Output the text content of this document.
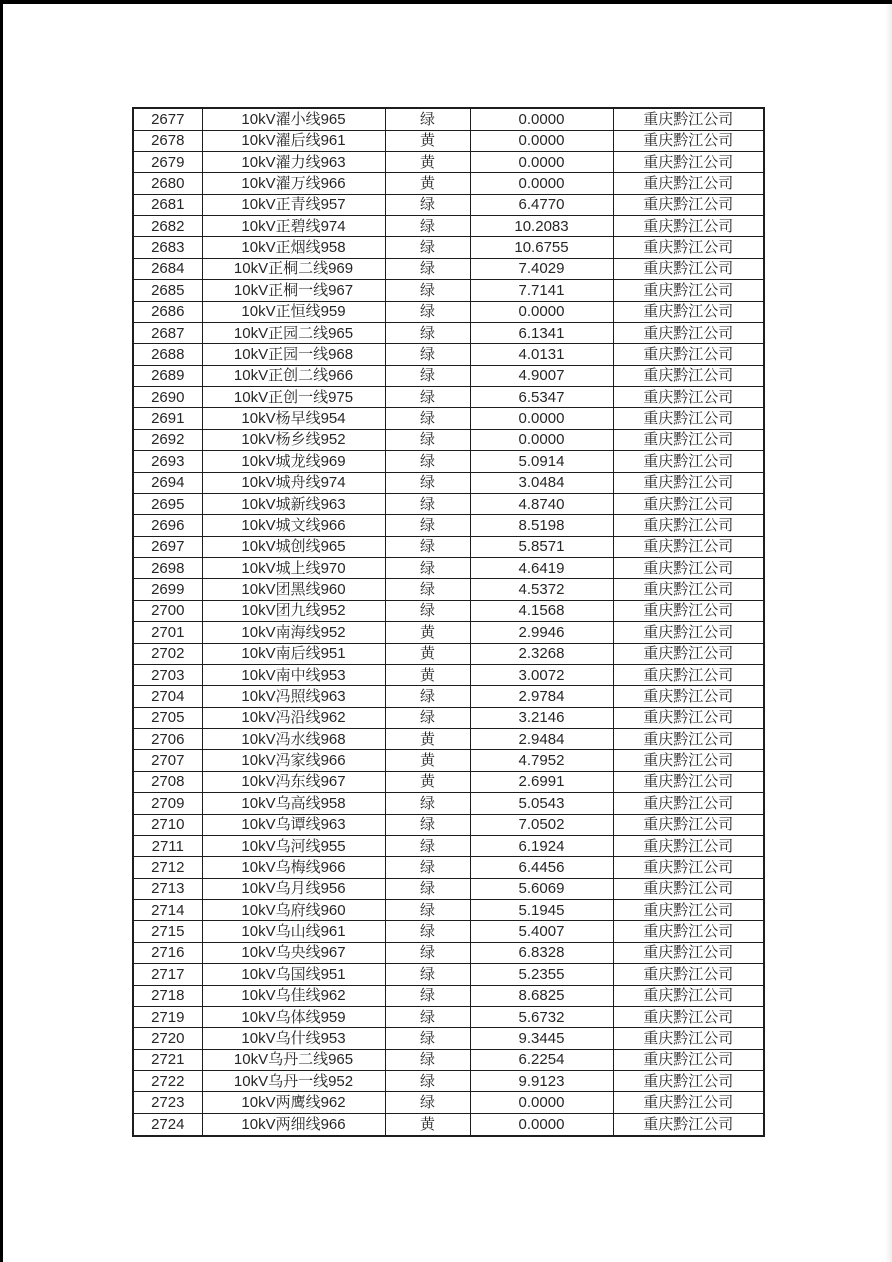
2677	10kV濯小线965	绿	0.0000	重庆黔江公司
2678	10kV濯后线961	黄	0.0000	重庆黔江公司
2679	10kV濯力线963	黄	0.0000	重庆黔江公司
2680	10kV濯万线966	黄	0.0000	重庆黔江公司
2681	10kV正青线957	绿	6.4770	重庆黔江公司
2682	10kV正碧线974	绿	10.2083	重庆黔江公司
2683	10kV正烟线958	绿	10.6755	重庆黔江公司
2684	10kV正桐二线969	绿	7.4029	重庆黔江公司
2685	10kV正桐一线967	绿	7.7141	重庆黔江公司
2686	10kV正恒线959	绿	0.0000	重庆黔江公司
2687	10kV正园二线965	绿	6.1341	重庆黔江公司
2688	10kV正园一线968	绿	4.0131	重庆黔江公司
2689	10kV正创二线966	绿	4.9007	重庆黔江公司
2690	10kV正创一线975	绿	6.5347	重庆黔江公司
2691	10kV杨早线954	绿	0.0000	重庆黔江公司
2692	10kV杨乡线952	绿	0.0000	重庆黔江公司
2693	10kV城龙线969	绿	5.0914	重庆黔江公司
2694	10kV城舟线974	绿	3.0484	重庆黔江公司
2695	10kV城新线963	绿	4.8740	重庆黔江公司
2696	10kV城文线966	绿	8.5198	重庆黔江公司
2697	10kV城创线965	绿	5.8571	重庆黔江公司
2698	10kV城上线970	绿	4.6419	重庆黔江公司
2699	10kV团黑线960	绿	4.5372	重庆黔江公司
2700	10kV团九线952	绿	4.1568	重庆黔江公司
2701	10kV南海线952	黄	2.9946	重庆黔江公司
2702	10kV南后线951	黄	2.3268	重庆黔江公司
2703	10kV南中线953	黄	3.0072	重庆黔江公司
2704	10kV冯照线963	绿	2.9784	重庆黔江公司
2705	10kV冯沿线962	绿	3.2146	重庆黔江公司
2706	10kV冯水线968	黄	2.9484	重庆黔江公司
2707	10kV冯家线966	黄	4.7952	重庆黔江公司
2708	10kV冯东线967	黄	2.6991	重庆黔江公司
2709	10kV乌高线958	绿	5.0543	重庆黔江公司
2710	10kV乌谭线963	绿	7.0502	重庆黔江公司
2711	10kV乌河线955	绿	6.1924	重庆黔江公司
2712	10kV乌梅线966	绿	6.4456	重庆黔江公司
2713	10kV乌月线956	绿	5.6069	重庆黔江公司
2714	10kV乌府线960	绿	5.1945	重庆黔江公司
2715	10kV乌山线961	绿	5.4007	重庆黔江公司
2716	10kV乌央线967	绿	6.8328	重庆黔江公司
2717	10kV乌国线951	绿	5.2355	重庆黔江公司
2718	10kV乌佳线962	绿	8.6825	重庆黔江公司
2719	10kV乌体线959	绿	5.6732	重庆黔江公司
2720	10kV乌什线953	绿	9.3445	重庆黔江公司
2721	10kV乌丹二线965	绿	6.2254	重庆黔江公司
2722	10kV乌丹一线952	绿	9.9123	重庆黔江公司
2723	10kV两鹰线962	绿	0.0000	重庆黔江公司
2724	10kV两细线966	黄	0.0000	重庆黔江公司
